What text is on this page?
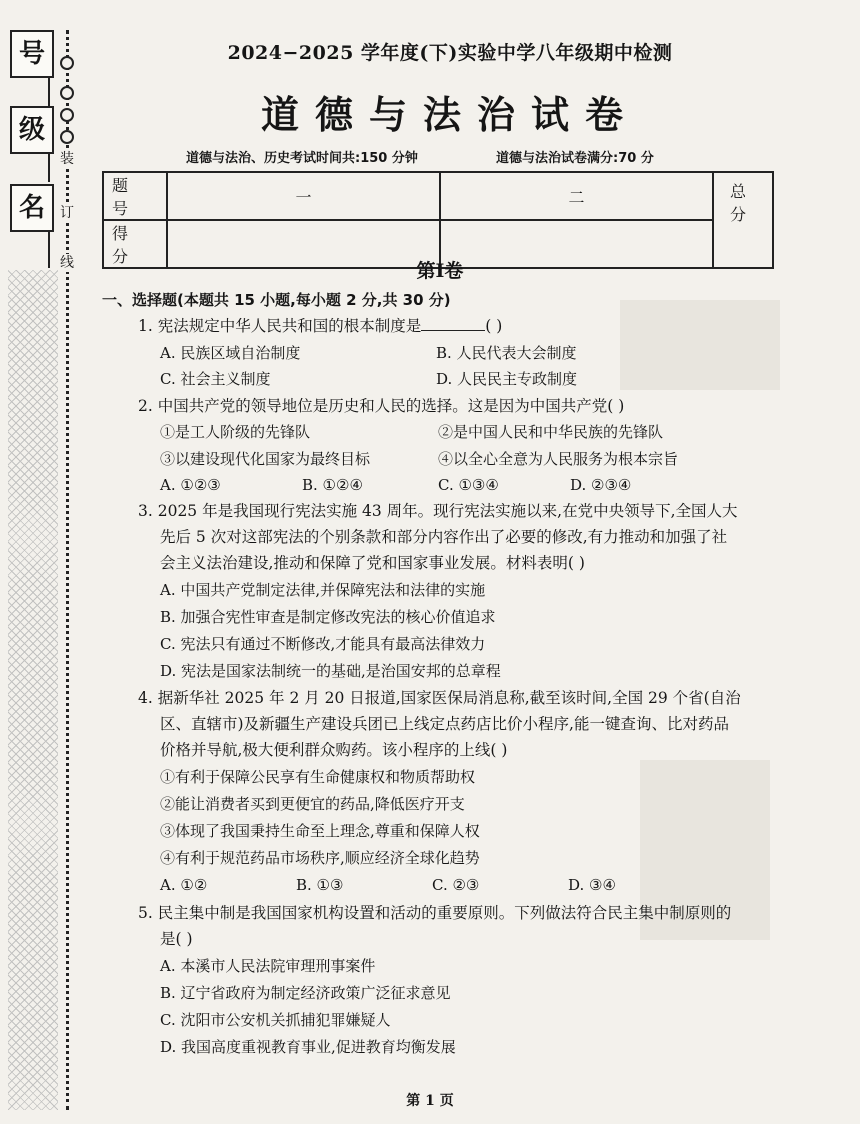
号
级
名
装
订
线
2024−2025 学年度(下)实验中学八年级期中检测
道德与法治试卷
道德与法治、历史考试时间共:150 分钟	道德与法治试卷满分:70 分
题 号	一	二	总 分
得 分			
第Ⅰ卷
一、选择题(本题共 15 小题,每小题 2 分,共 30 分)
1. 宪法规定中华人民共和国的根本制度是	( )
A. 民族区域自治制度	B. 人民代表大会制度
C. 社会主义制度	D. 人民民主专政制度
2. 中国共产党的领导地位是历史和人民的选择。这是因为中国共产党( )
①是工人阶级的先锋队	②是中国人民和中华民族的先锋队
③以建设现代化国家为最终目标	④以全心全意为人民服务为根本宗旨
A. ①②③	B. ①②④	C. ①③④	D. ②③④
3. 2025 年是我国现行宪法实施 43 周年。现行宪法实施以来,在党中央领导下,全国人大
先后 5 次对这部宪法的个别条款和部分内容作出了必要的修改,有力推动和加强了社
会主义法治建设,推动和保障了党和国家事业发展。材料表明( )
A. 中国共产党制定法律,并保障宪法和法律的实施
B. 加强合宪性审查是制定修改宪法的核心价值追求
C. 宪法只有通过不断修改,才能具有最高法律效力
D. 宪法是国家法制统一的基础,是治国安邦的总章程
4. 据新华社 2025 年 2 月 20 日报道,国家医保局消息称,截至该时间,全国 29 个省(自治
区、直辖市)及新疆生产建设兵团已上线定点药店比价小程序,能一键查询、比对药品
价格并导航,极大便利群众购药。该小程序的上线( )
①有利于保障公民享有生命健康权和物质帮助权
②能让消费者买到更便宜的药品,降低医疗开支
③体现了我国秉持生命至上理念,尊重和保障人权
④有利于规范药品市场秩序,顺应经济全球化趋势
A. ①②	B. ①③	C. ②③	D. ③④
5. 民主集中制是我国国家机构设置和活动的重要原则。下列做法符合民主集中制原则的
是( )
A. 本溪市人民法院审理刑事案件
B. 辽宁省政府为制定经济政策广泛征求意见
C. 沈阳市公安机关抓捕犯罪嫌疑人
D. 我国高度重视教育事业,促进教育均衡发展
第 1 页
